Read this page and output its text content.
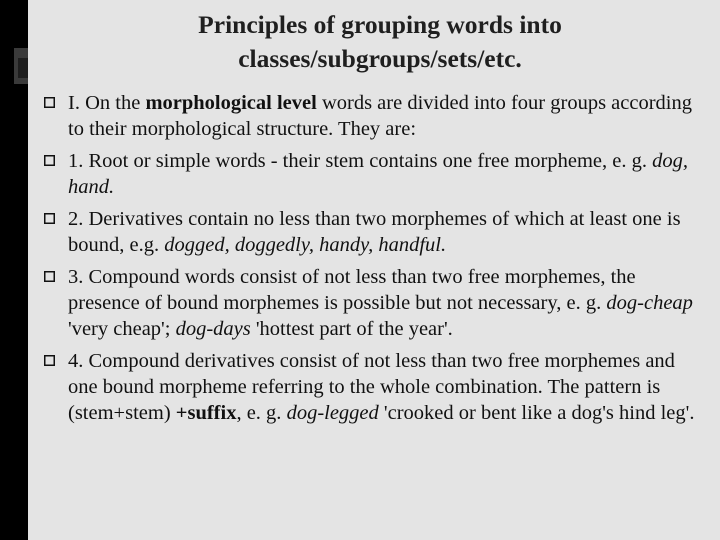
Principles of grouping words into
classes/subgroups/sets/etc.
I. On the morphological level words are divided into four groups according to their morphological structure. They are:
1. Root or simple words - their stem contains one free morpheme, e. g. dog, hand.
2. Derivatives contain no less than two morphemes of which at least one is bound, e.g. dogged, doggedly, handy, handful.
3. Compound words consist of not less than two free morphemes, the presence of bound morphemes is possible but not necessary, e. g. dog-cheap 'very cheap'; dog-days 'hottest part of the year'.
4. Compound derivatives consist of not less than two free morphemes and one bound morpheme referring to the whole combination. The pattern is (stem+stem) +suffix, e. g. dog-legged 'crooked or bent like a dog's hind leg'.
